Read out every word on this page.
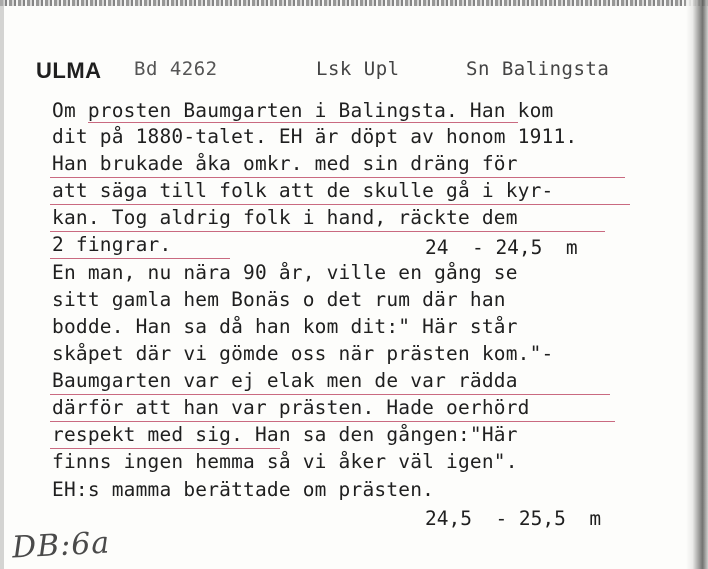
ULMA Bd 4262	Lsk Upl	Sn Balingsta
Om prosten Baumgarten i Balingsta. Han kom
dit på 1880-talet. EH är döpt av honom 1911.
Han brukade åka omkr. med sin dräng för
att säga till folk att de skulle gå i kyr-
kan. Tog aldrig folk i hand, räckte dem
2 fingrar.	24  - 24,5  m
En man, nu nära 90 år, ville en gång se
sitt gamla hem Bonäs o det rum där han
bodde. Han sa då han kom dit:" Här står
skåpet där vi gömde oss när prästen kom."-
Baumgarten var ej elak men de var rädda
därför att han var prästen. Hade oerhörd
respekt med sig. Han sa den gången:"Här
finns ingen hemma så vi åker väl igen".
EH:s mamma berättade om prästen.
24,5  - 25,5  m
DB:6a
